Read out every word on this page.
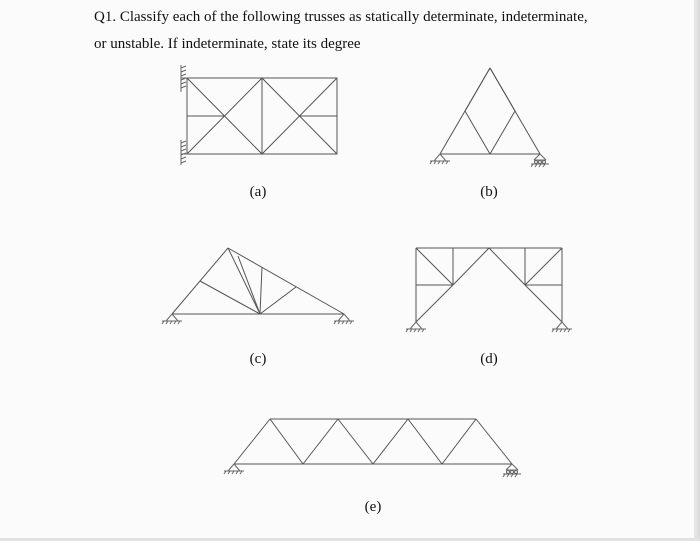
Q1. Classify each of the following trusses as statically determinate, indeterminate,
or unstable. If indeterminate, state its degree
(a)	(b)
(c)	(d)
(e)
